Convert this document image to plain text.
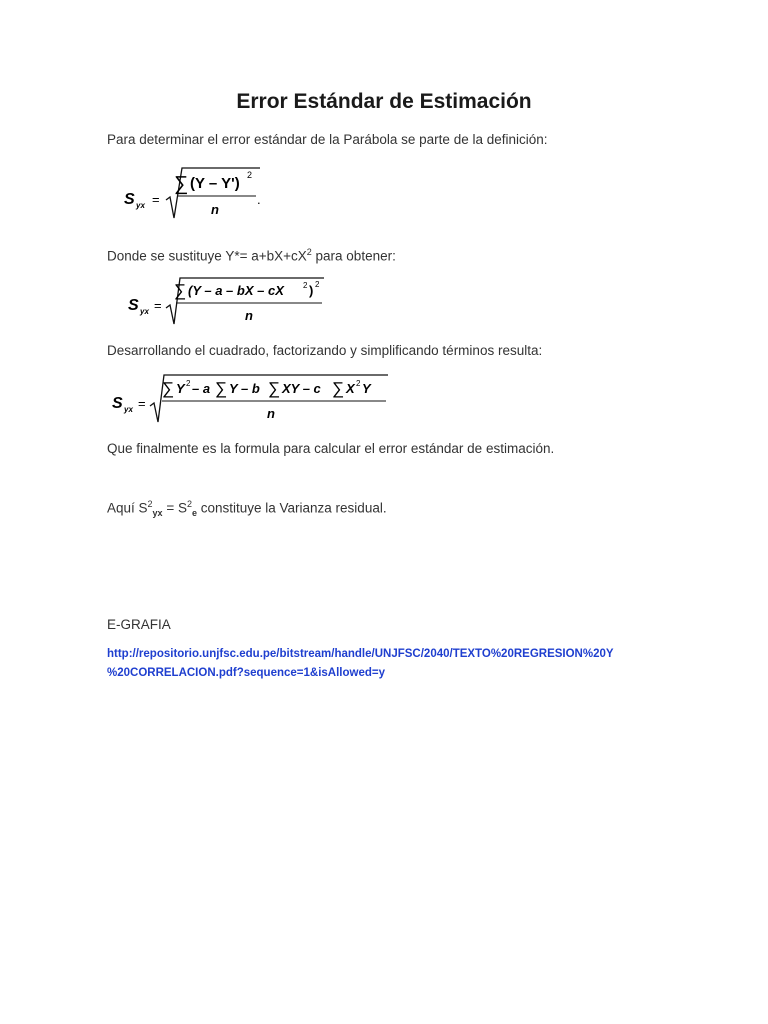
Error Estándar de Estimación
Para determinar el error estándar de la Parábola se parte de la definición:
S yx =
∑ (Y – Y') 2
n
.
Donde se sustituye $Y*= a+bX+cX^2$ para obtener:
S yx =
∑ (Y – a – bX – cX 2 ) 2
n
Desarrollando el cuadrado, factorizando y simplificando términos resulta:
S yx =
∑ Y 2 – a ∑ Y – b ∑ XY – c ∑ X 2 Y
n
Que finalmente es la formula para calcular el error estándar de estimación.
Aquí $S^2_{yx} = S^2_e$ constituye la Varianza residual.
E-GRAFIA
http://repositorio.unjfsc.edu.pe/bitstream/handle/UNJFSC/2040/TEXTO%20REGRESION%20Y
%20CORRELACION.pdf?sequence=1&isAllowed=y
